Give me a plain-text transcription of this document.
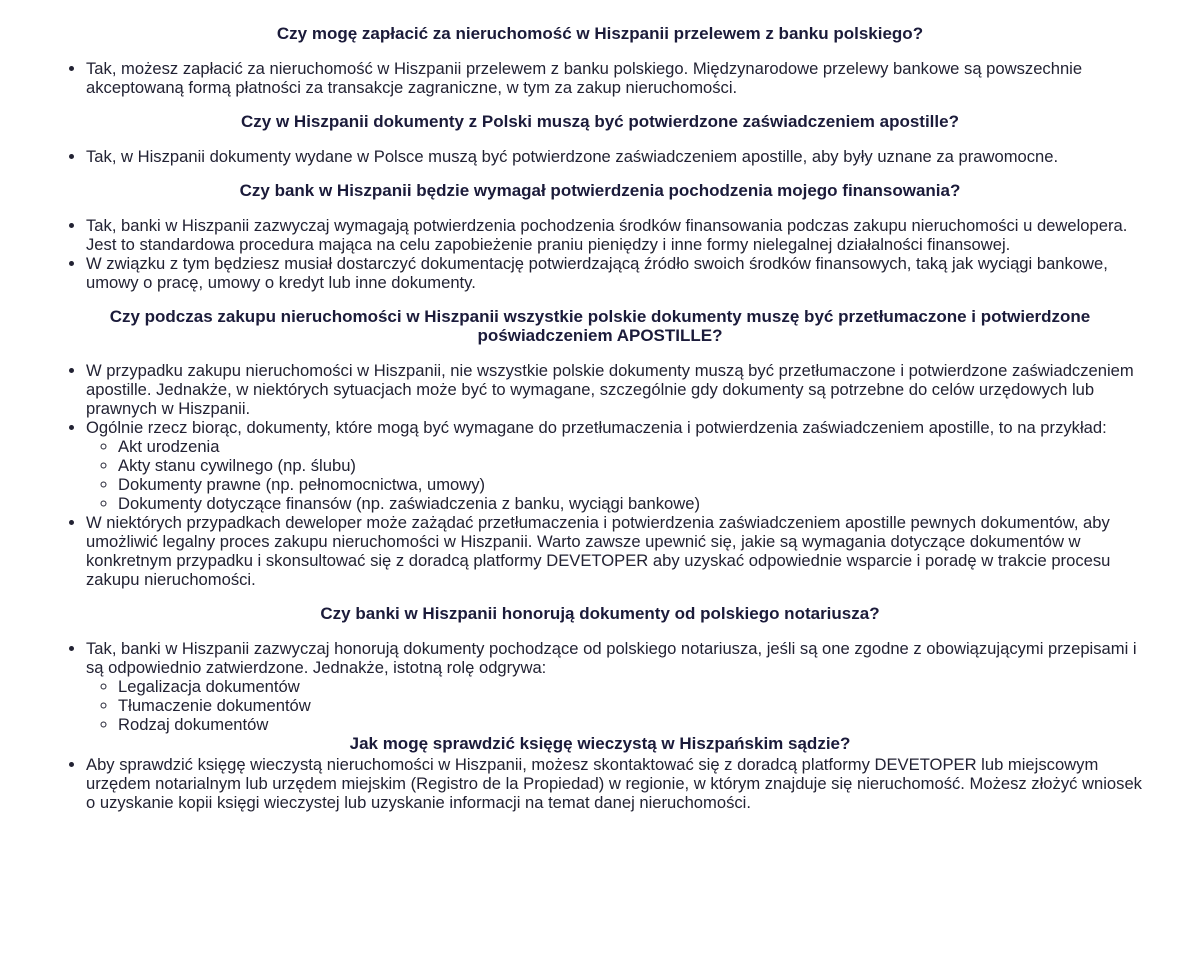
Czy mogę zapłacić za nieruchomość w Hiszpanii przelewem z banku polskiego?
• Tak, możesz zapłacić za nieruchomość w Hiszpanii przelewem z banku polskiego. Międzynarodowe przelewy bankowe są powszechnie akceptowaną formą płatności za transakcje zagraniczne, w tym za zakup nieruchomości.
Czy w Hiszpanii dokumenty z Polski muszą być potwierdzone zaświadczeniem apostille?
• Tak, w Hiszpanii dokumenty wydane w Polsce muszą być potwierdzone zaświadczeniem apostille, aby były uznane za prawomocne.
Czy bank w Hiszpanii będzie wymagał potwierdzenia pochodzenia mojego finansowania?
• Tak, banki w Hiszpanii zazwyczaj wymagają potwierdzenia pochodzenia środków finansowania podczas zakupu nieruchomości u dewelopera. Jest to standardowa procedura mająca na celu zapobieżenie praniu pieniędzy i inne formy nielegalnej działalności finansowej.
• W związku z tym będziesz musiał dostarczyć dokumentację potwierdzającą źródło swoich środków finansowych, taką jak wyciągi bankowe, umowy o pracę, umowy o kredyt lub inne dokumenty.
Czy podczas zakupu nieruchomości w Hiszpanii wszystkie polskie dokumenty muszę być przetłumaczone i potwierdzone poświadczeniem APOSTILLE?
• W przypadku zakupu nieruchomości w Hiszpanii, nie wszystkie polskie dokumenty muszą być przetłumaczone i potwierdzone zaświadczeniem apostille. Jednakże, w niektórych sytuacjach może być to wymagane, szczególnie gdy dokumenty są potrzebne do celów urzędowych lub prawnych w Hiszpanii.
• Ogólnie rzecz biorąc, dokumenty, które mogą być wymagane do przetłumaczenia i potwierdzenia zaświadczeniem apostille, to na przykład:
◦ Akt urodzenia
◦ Akty stanu cywilnego (np. ślubu)
◦ Dokumenty prawne (np. pełnomocnictwa, umowy)
◦ Dokumenty dotyczące finansów (np. zaświadczenia z banku, wyciągi bankowe)
• W niektórych przypadkach deweloper może zażądać przetłumaczenia i potwierdzenia zaświadczeniem apostille pewnych dokumentów, aby umożliwić legalny proces zakupu nieruchomości w Hiszpanii. Warto zawsze upewnić się, jakie są wymagania dotyczące dokumentów w konkretnym przypadku i skonsultować się z doradcą platformy DEVETOPER aby uzyskać odpowiednie wsparcie i poradę w trakcie procesu zakupu nieruchomości.
Czy banki w Hiszpanii honorują dokumenty od polskiego notariusza?
• Tak, banki w Hiszpanii zazwyczaj honorują dokumenty pochodzące od polskiego notariusza, jeśli są one zgodne z obowiązującymi przepisami i są odpowiednio zatwierdzone. Jednakże, istotną rolę odgrywa:
◦ Legalizacja dokumentów
◦ Tłumaczenie dokumentów
◦ Rodzaj dokumentów
Jak mogę sprawdzić księgę wieczystą w Hiszpańskim sądzie?
• Aby sprawdzić księgę wieczystą nieruchomości w Hiszpanii, możesz skontaktować się z doradcą platformy DEVETOPER lub miejscowym urzędem notarialnym lub urzędem miejskim (Registro de la Propiedad) w regionie, w którym znajduje się nieruchomość. Możesz złożyć wniosek o uzyskanie kopii księgi wieczystej lub uzyskanie informacji na temat danej nieruchomości.
